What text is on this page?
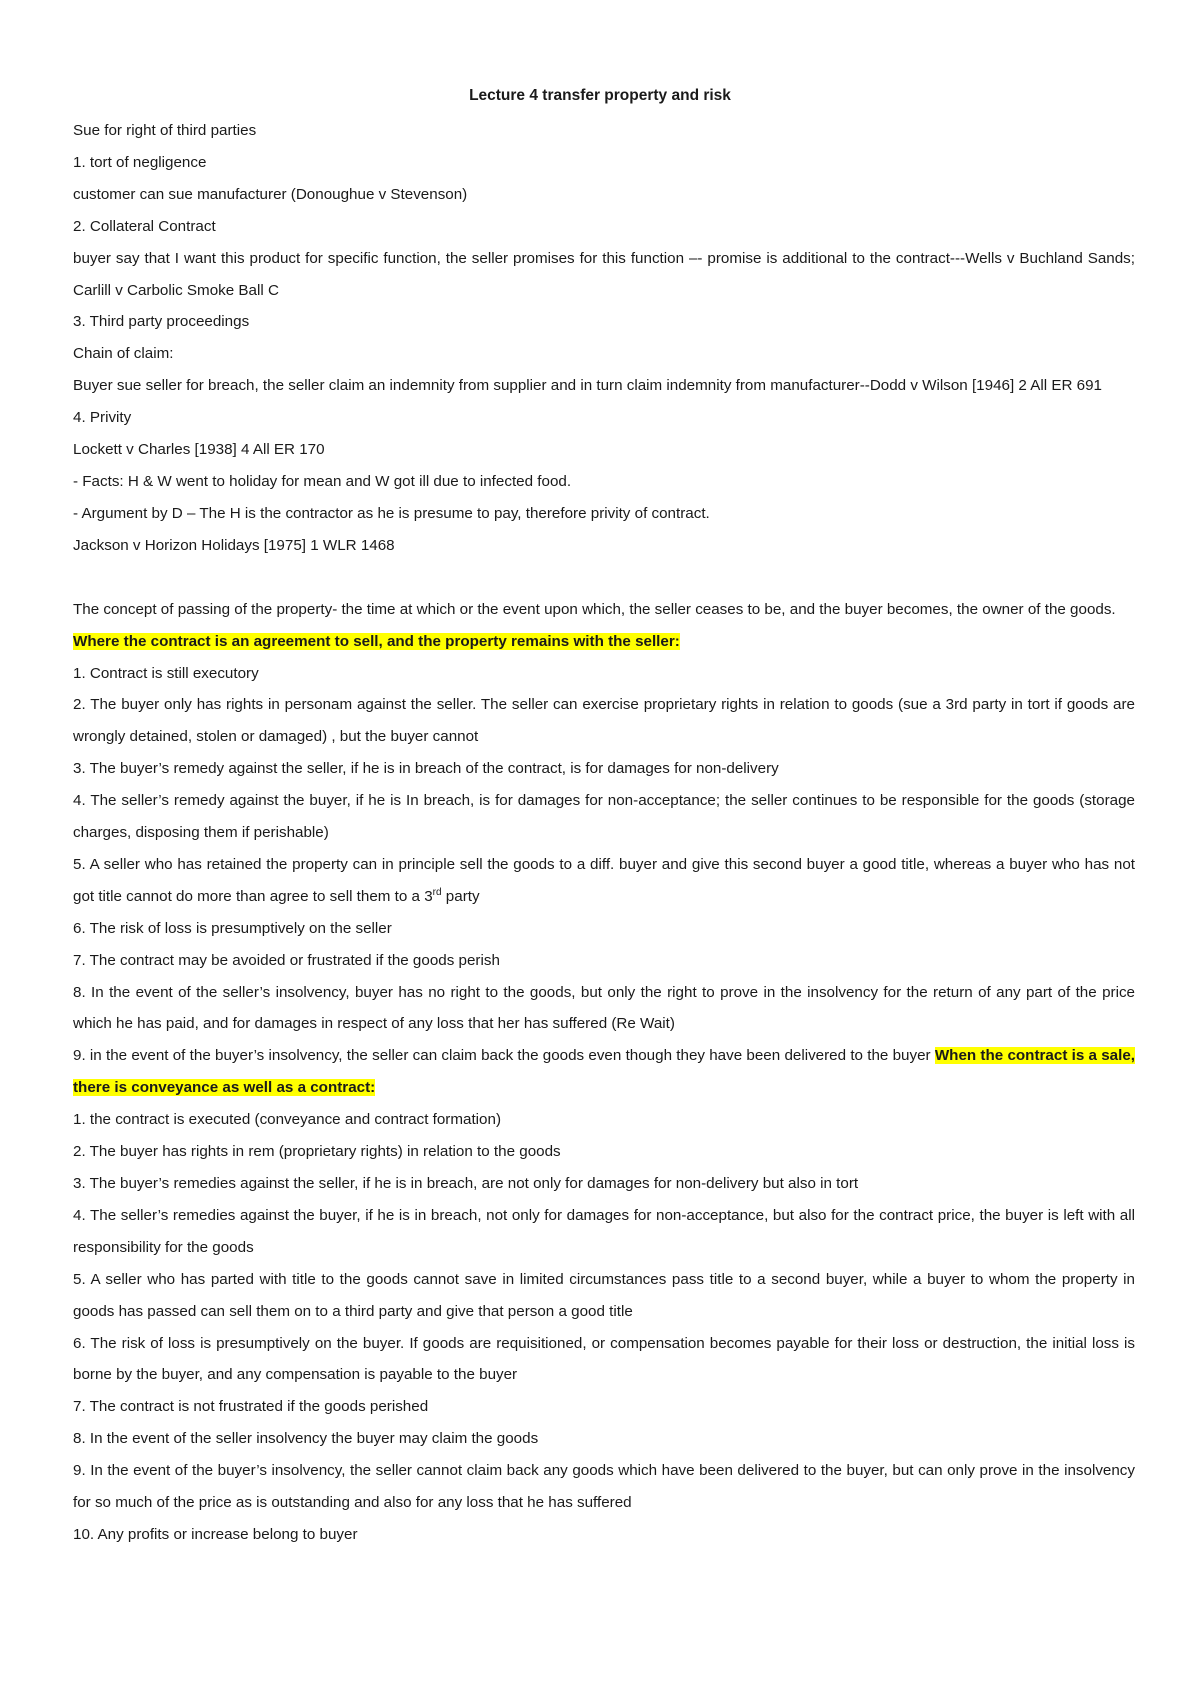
Lecture 4 transfer property and risk

Sue for right of third parties

1. tort of negligence

customer can sue manufacturer (Donoughue v Stevenson)

2. Collateral Contract

buyer say that I want this product for specific function, the seller promises for this function –- promise is additional to the contract---Wells v Buchland Sands; Carlill v Carbolic Smoke Ball C

3. Third party proceedings

Chain of claim:

Buyer sue seller for breach, the seller claim an indemnity from supplier and in turn claim indemnity from manufacturer--Dodd v Wilson [1946] 2 All ER 691

4. Privity

Lockett v Charles [1938] 4 All ER 170

- Facts: H & W went to holiday for mean and W got ill due to infected food.

- Argument by D – The H is the contractor as he is presume to pay, therefore privity of contract.

Jackson v Horizon Holidays [1975] 1 WLR 1468

The concept of passing of the property- the time at which or the event upon which, the seller ceases to be, and the buyer becomes, the owner of the goods.

Where the contract is an agreement to sell, and the property remains with the seller:

1. Contract is still executory

2. The buyer only has rights in personam against the seller. The seller can exercise proprietary rights in relation to goods (sue a 3rd party in tort if goods are wrongly detained, stolen or damaged) , but the buyer cannot

3. The buyer’s remedy against the seller, if he is in breach of the contract, is for damages for non-delivery

4. The seller’s remedy against the buyer, if he is In breach, is for damages for non-acceptance; the seller continues to be responsible for the goods (storage charges, disposing them if perishable)

5. A seller who has retained the property can in principle sell the goods to a diff. buyer and give this second buyer a good title, whereas a buyer who has not got title cannot do more than agree to sell them to a 3rd party

6. The risk of loss is presumptively on the seller

7. The contract may be avoided or frustrated if the goods perish

8. In the event of the seller’s insolvency, buyer has no right to the goods, but only the right to prove in the insolvency for the return of any part of the price which he has paid, and for damages in respect of any loss that her has suffered (Re Wait)

9. in the event of the buyer’s insolvency, the seller can claim back the goods even though they have been delivered to the buyer When the contract is a sale, there is conveyance as well as a contract:

1. the contract is executed (conveyance and contract formation)

2. The buyer has rights in rem (proprietary rights) in relation to the goods

3. The buyer’s remedies against the seller, if he is in breach, are not only for damages for non-delivery but also in tort

4. The seller’s remedies against the buyer, if he is in breach, not only for damages for non-acceptance, but also for the contract price, the buyer is left with all responsibility for the goods

5. A seller who has parted with title to the goods cannot save in limited circumstances pass title to a second buyer, while a buyer to whom the property in goods has passed can sell them on to a third party and give that person a good title

6. The risk of loss is presumptively on the buyer. If goods are requisitioned, or compensation becomes payable for their loss or destruction, the initial loss is borne by the buyer, and any compensation is payable to the buyer

7. The contract is not frustrated if the goods perished

8. In the event of the seller insolvency the buyer may claim the goods

9. In the event of the buyer’s insolvency, the seller cannot claim back any goods which have been delivered to the buyer, but can only prove in the insolvency for so much of the price as is outstanding and also for any loss that he has suffered

10. Any profits or increase belong to buyer
